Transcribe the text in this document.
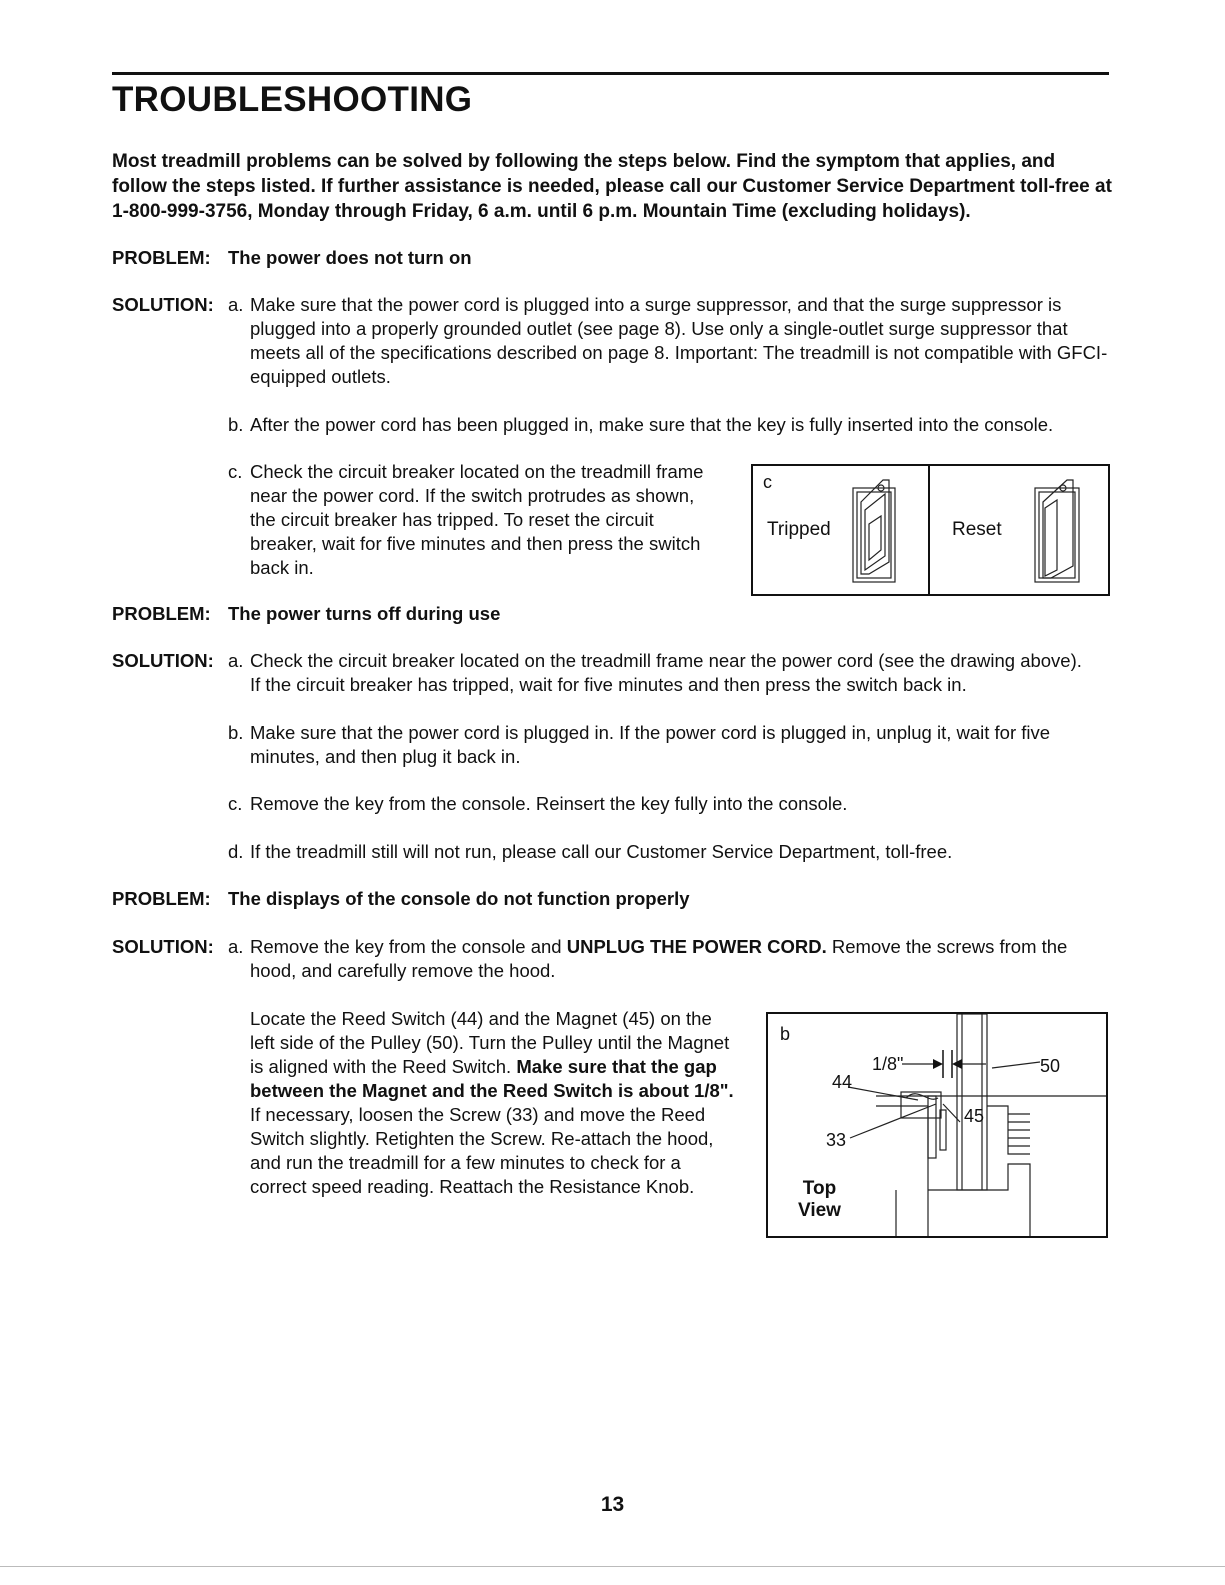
TROUBLESHOOTING

Most treadmill problems can be solved by following the steps below. Find the symptom that applies, and follow the steps listed. If further assistance is needed, please call our Customer Service Department toll-free at 1-800-999-3756, Monday through Friday, 6 a.m. until 6 p.m. Mountain Time (excluding holidays).

PROBLEM: The power does not turn on
SOLUTION: a. Make sure that the power cord is plugged into a surge suppressor, and that the surge suppressor is plugged into a properly grounded outlet (see page 8). Use only a single-outlet surge suppressor that meets all of the specifications described on page 8. Important: The treadmill is not compatible with GFCI-equipped outlets.
b. After the power cord has been plugged in, make sure that the key is fully inserted into the console.
c. Check the circuit breaker located on the treadmill frame near the power cord. If the switch protrudes as shown, the circuit breaker has tripped. To reset the circuit breaker, wait for five minutes and then press the switch back in.
c
Tripped	Reset
PROBLEM: The power turns off during use
SOLUTION: a. Check the circuit breaker located on the treadmill frame near the power cord (see the drawing above). If the circuit breaker has tripped, wait for five minutes and then press the switch back in.
b. Make sure that the power cord is plugged in. If the power cord is plugged in, unplug it, wait for five minutes, and then plug it back in.
c. Remove the key from the console. Reinsert the key fully into the console.
d. If the treadmill still will not run, please call our Customer Service Department, toll-free.
PROBLEM: The displays of the console do not function properly
SOLUTION: a. Remove the key from the console and UNPLUG THE POWER CORD. Remove the screws from the hood, and carefully remove the hood.

Locate the Reed Switch (44) and the Magnet (45) on the left side of the Pulley (50). Turn the Pulley until the Magnet is aligned with the Reed Switch. Make sure that the gap between the Magnet and the Reed Switch is about 1/8". If necessary, loosen the Screw (33) and move the Reed Switch slightly. Retighten the Screw. Re-attach the hood, and run the treadmill for a few minutes to check for a correct speed reading. Reattach the Resistance Knob.

b
1/8"	50
44
45
33
Top
View
13
